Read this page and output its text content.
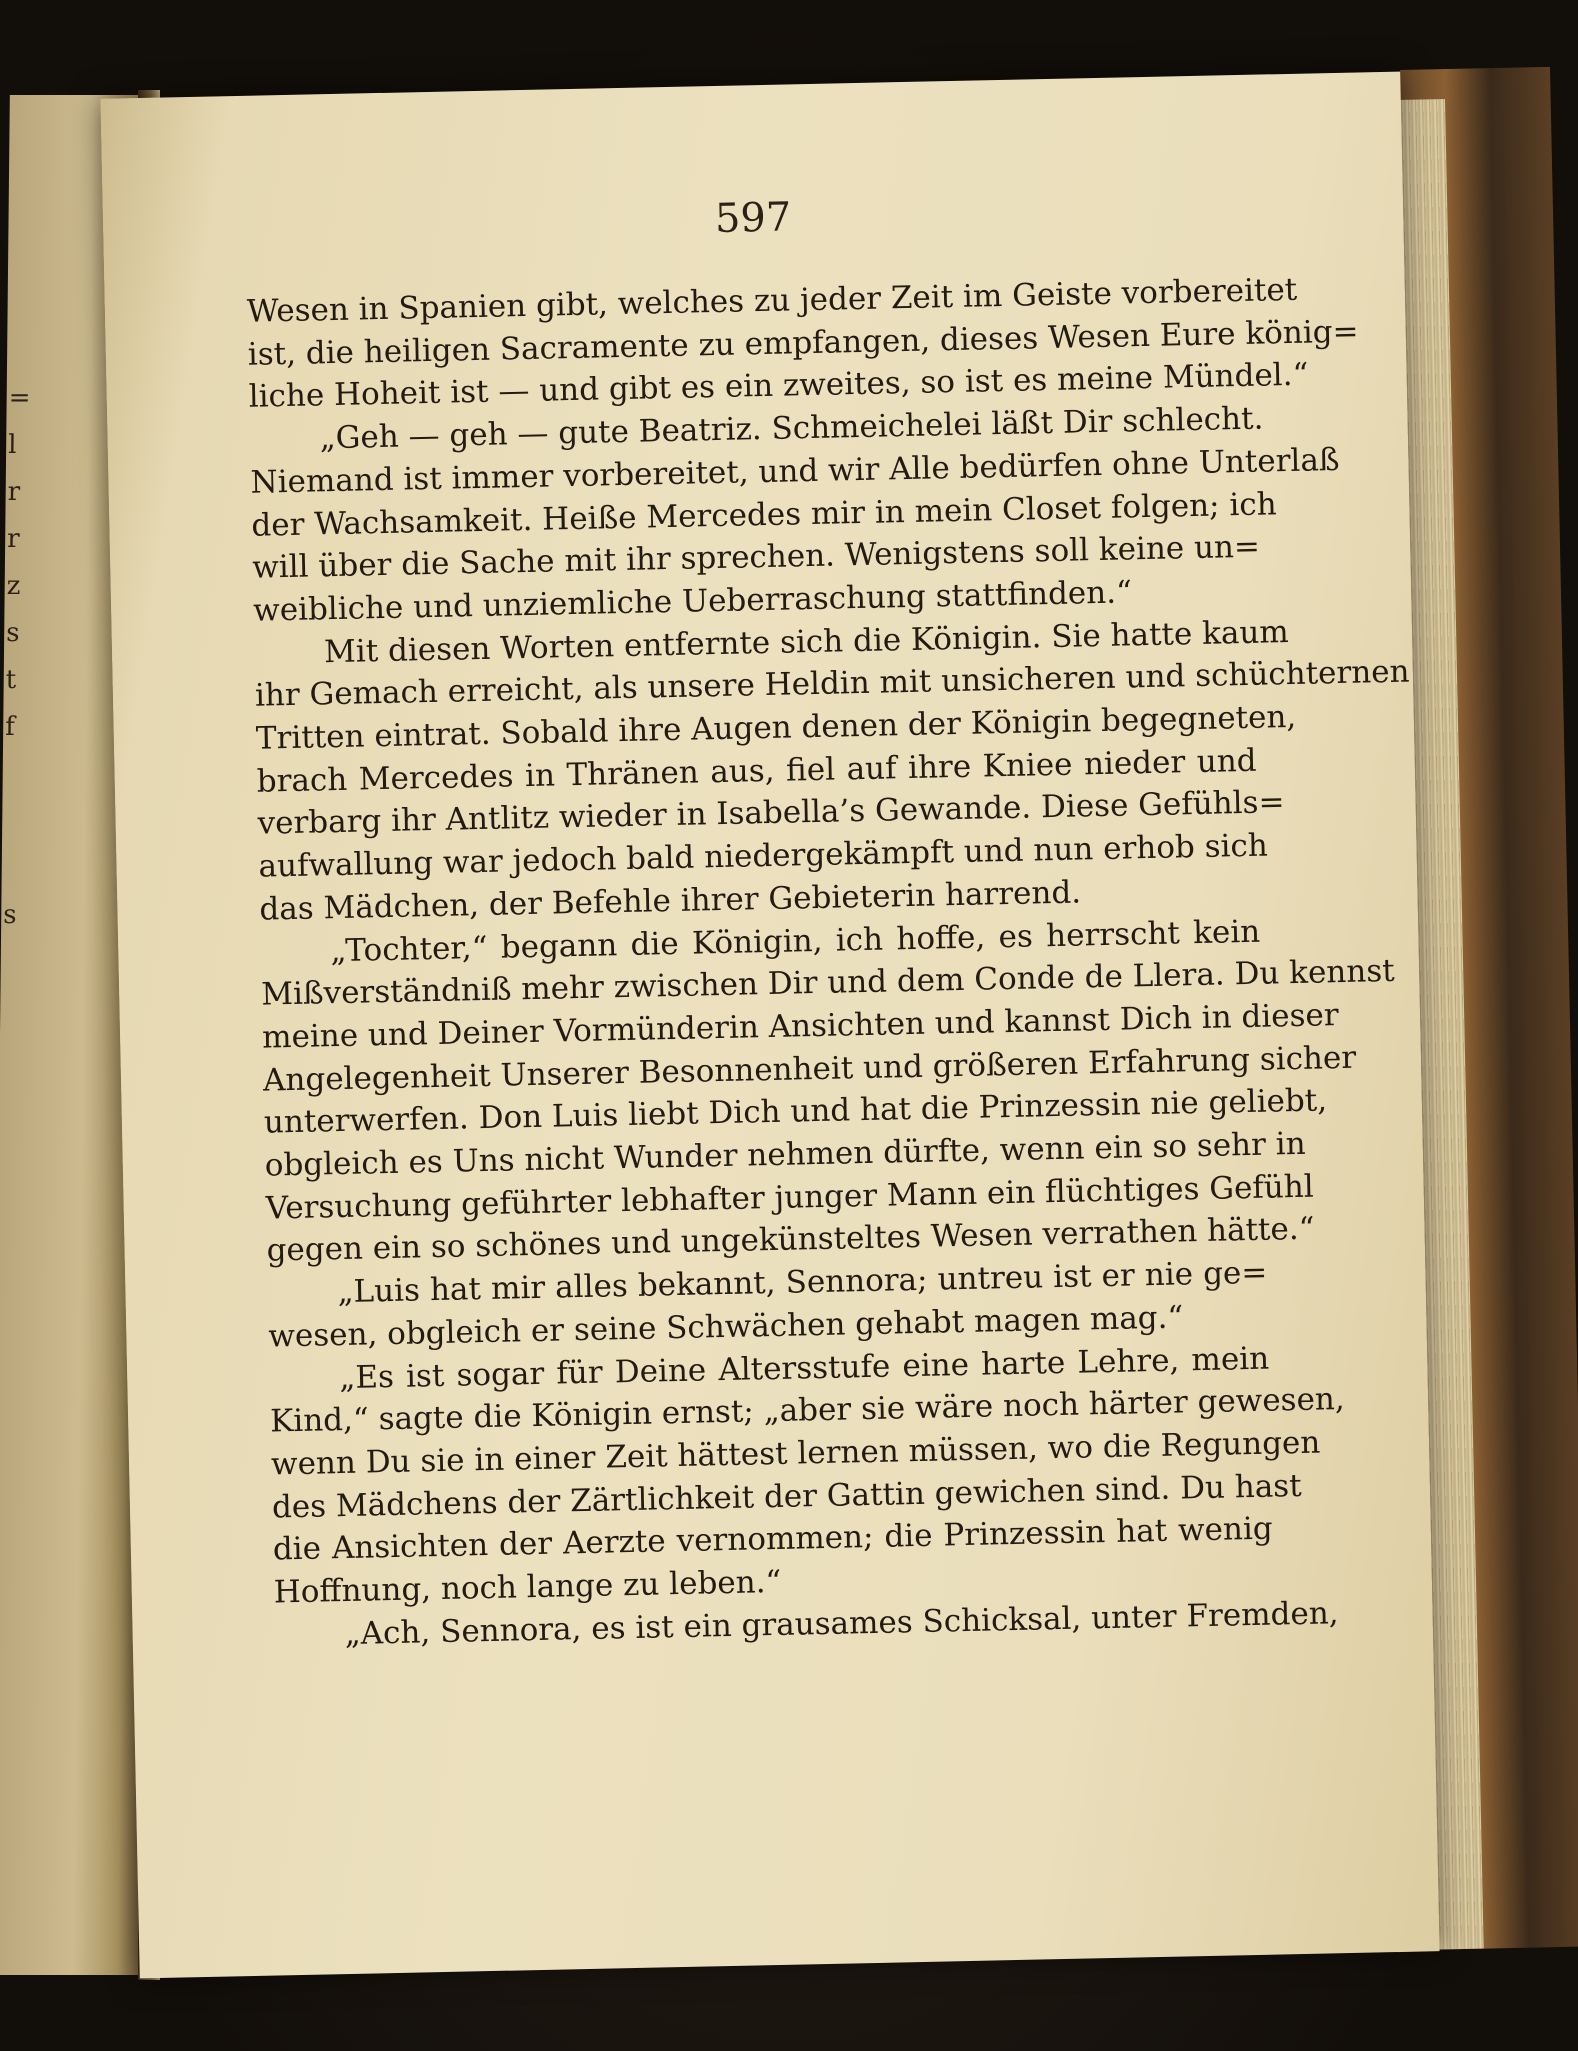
=
l
r
r
z
s
t
f
s
597
Wesen in Spanien gibt, welches zu jeder Zeit im Geiste vorbereitet
ist, die heiligen Sacramente zu empfangen, dieses Wesen Eure könig=
liche Hoheit ist — und gibt es ein zweites, so ist es meine Mündel.“
„Geh — geh — gute Beatriz. Schmeichelei läßt Dir schlecht.
Niemand ist immer vorbereitet, und wir Alle bedürfen ohne Unterlaß
der Wachsamkeit. Heiße Mercedes mir in mein Closet folgen; ich
will über die Sache mit ihr sprechen. Wenigstens soll keine un=
weibliche und unziemliche Ueberraschung stattfinden.“
Mit diesen Worten entfernte sich die Königin. Sie hatte kaum
ihr Gemach erreicht, als unsere Heldin mit unsicheren und schüchternen
Tritten eintrat. Sobald ihre Augen denen der Königin begegneten,
brach Mercedes in Thränen aus, fiel auf ihre Kniee nieder und
verbarg ihr Antlitz wieder in Isabella’s Gewande. Diese Gefühls=
aufwallung war jedoch bald niedergekämpft und nun erhob sich
das Mädchen, der Befehle ihrer Gebieterin harrend.
„Tochter,“ begann die Königin, ich hoffe, es herrscht kein
Mißverständniß mehr zwischen Dir und dem Conde de Llera. Du kennst
meine und Deiner Vormünderin Ansichten und kannst Dich in dieser
Angelegenheit Unserer Besonnenheit und größeren Erfahrung sicher
unterwerfen. Don Luis liebt Dich und hat die Prinzessin nie geliebt,
obgleich es Uns nicht Wunder nehmen dürfte, wenn ein so sehr in
Versuchung geführter lebhafter junger Mann ein flüchtiges Gefühl
gegen ein so schönes und ungekünsteltes Wesen verrathen hätte.“
„Luis hat mir alles bekannt, Sennora; untreu ist er nie ge=
wesen, obgleich er seine Schwächen gehabt magen mag.“
„Es ist sogar für Deine Altersstufe eine harte Lehre, mein
Kind,“ sagte die Königin ernst; „aber sie wäre noch härter gewesen,
wenn Du sie in einer Zeit hättest lernen müssen, wo die Regungen
des Mädchens der Zärtlichkeit der Gattin gewichen sind. Du hast
die Ansichten der Aerzte vernommen; die Prinzessin hat wenig
Hoffnung, noch lange zu leben.“
„Ach, Sennora, es ist ein grausames Schicksal, unter Fremden,
